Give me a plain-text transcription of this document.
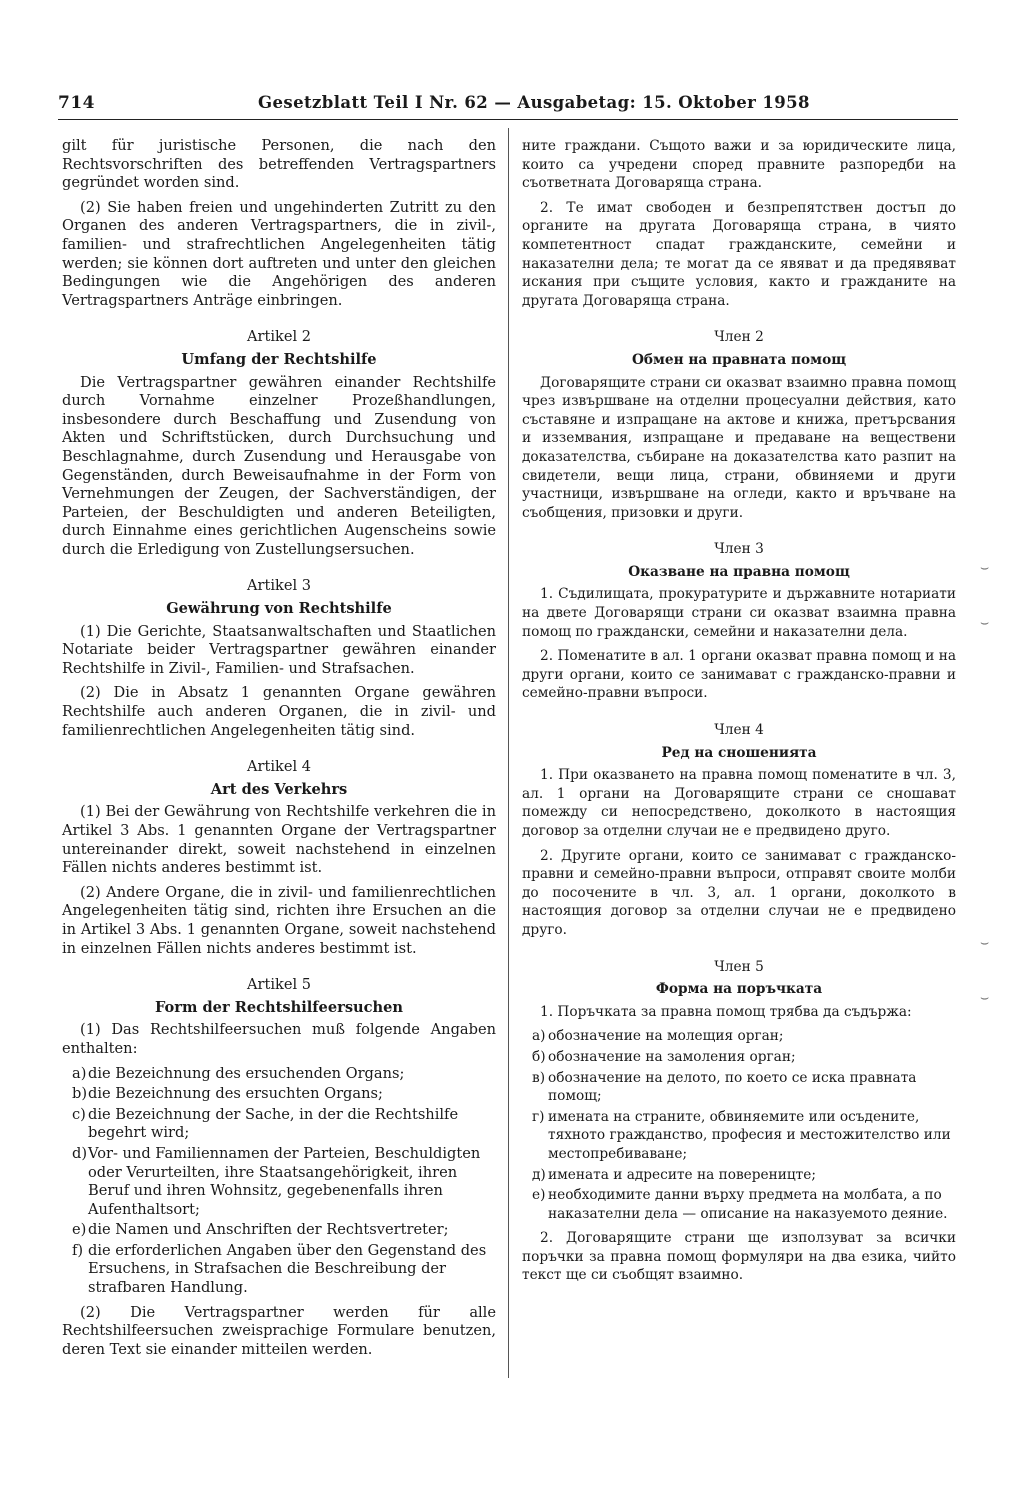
714	Gesetzblatt Teil I Nr. 62 — Ausgabetag: 15. Oktober 1958

gilt für juristische Personen, die nach den Rechtsvorschriften des betreffenden Vertragspartners gegründet worden sind.

(2) Sie haben freien und ungehinderten Zutritt zu den Organen des anderen Vertragspartners, die in zivil-, familien- und strafrechtlichen Angelegenheiten tätig werden; sie können dort auftreten und unter den gleichen Bedingungen wie die Angehörigen des anderen Vertragspartners Anträge einbringen.

Artikel 2
Umfang der Rechtshilfe

Die Vertragspartner gewähren einander Rechtshilfe durch Vornahme einzelner Prozeßhandlungen, insbesondere durch Beschaffung und Zusendung von Akten und Schriftstücken, durch Durchsuchung und Beschlagnahme, durch Zusendung und Herausgabe von Gegenständen, durch Beweisaufnahme in der Form von Vernehmungen der Zeugen, der Sachverständigen, der Parteien, der Beschuldigten und anderen Beteiligten, durch Einnahme eines gerichtlichen Augenscheins sowie durch die Erledigung von Zustellungsersuchen.

Artikel 3
Gewährung von Rechtshilfe

(1) Die Gerichte, Staatsanwaltschaften und Staatlichen Notariate beider Vertragspartner gewähren einander Rechtshilfe in Zivil-, Familien- und Strafsachen.

(2) Die in Absatz 1 genannten Organe gewähren Rechtshilfe auch anderen Organen, die in zivil- und familienrechtlichen Angelegenheiten tätig sind.

Artikel 4
Art des Verkehrs

(1) Bei der Gewährung von Rechtshilfe verkehren die in Artikel 3 Abs. 1 genannten Organe der Vertragspartner untereinander direkt, soweit nachstehend in einzelnen Fällen nichts anderes bestimmt ist.

(2) Andere Organe, die in zivil- und familienrechtlichen Angelegenheiten tätig sind, richten ihre Ersuchen an die in Artikel 3 Abs. 1 genannten Organe, soweit nachstehend in einzelnen Fällen nichts anderes bestimmt ist.

Artikel 5
Form der Rechtshilfeersuchen

(1) Das Rechtshilfeersuchen muß folgende Angaben enthalten:

a) die Bezeichnung des ersuchenden Organs;
b) die Bezeichnung des ersuchten Organs;
c) die Bezeichnung der Sache, in der die Rechtshilfe begehrt wird;
d) Vor- und Familiennamen der Parteien, Beschuldigten oder Verurteilten, ihre Staatsangehörigkeit, ihren Beruf und ihren Wohnsitz, gegebenenfalls ihren Aufenthaltsort;
e) die Namen und Anschriften der Rechtsvertreter;
f) die erforderlichen Angaben über den Gegenstand des Ersuchens, in Strafsachen die Beschreibung der strafbaren Handlung.

(2) Die Vertragspartner werden für alle Rechtshilfeersuchen zweisprachige Formulare benutzen, deren Text sie einander mitteilen werden.

ните граждани. Същото важи и за юридическите лица, които са учредени според правните разпоредби на съответната Договаряща страна.

2. Те имат свободен и безпрепятствен достъп до органите на другата Договаряща страна, в чиято компетентност спадат гражданските, семейни и наказателни дела; те могат да се явяват и да предявяват искания при същите условия, както и гражданите на другата Договаряща страна.

Член 2
Обмен на правната помощ

Договарящите страни си оказват взаимно правна помощ чрез извършване на отделни процесуални действия, като съставяне и изпращане на актове и книжа, претърсвания и изземвания, изпращане и предаване на веществени доказателства, събиране на доказателства като разпит на свидетели, вещи лица, страни, обвиняеми и други участници, извършване на огледи, както и връчване на съобщения, призовки и други.

Член 3
Оказване на правна помощ

1. Съдилищата, прокуратурите и държавните нотариати на двете Договарящи страни си оказват взаимна правна помощ по граждански, семейни и наказателни дела.

2. Поменатите в ал. 1 органи оказват правна помощ и на други органи, които се занимават с гражданско-правни и семейно-правни въпроси.

Член 4
Ред на сношенията

1. При оказването на правна помощ поменатите в чл. 3, ал. 1 органи на Договарящите страни се сношават помежду си непосредствено, доколкото в настоящия договор за отделни случаи не е предвидено друго.

2. Другите органи, които се занимават с гражданско-правни и семейно-правни въпроси, отправят своите молби до посочените в чл. 3, ал. 1 органи, доколкото в настоящия договор за отделни случаи не е предвидено друго.

Член 5
Форма на поръчката

1. Поръчката за правна помощ трябва да съдържа:

а) обозначение на молещия орган;
б) обозначение на замоления орган;
в) обозначение на делото, по което се иска правната помощ;
г) имената на страните, обвиняемите или осъдените, тяхното гражданство, професия и местожителство или местопребиваване;
д) имената и адресите на повереницте;
е) необходимите данни върху предмета на молбата, а по наказателни дела — описание на наказуемото деяние.

2. Договарящите страни ще използуват за всички поръчки за правна помощ формуляри на два езика, чийто текст ще си съобщят взаимно.

⌣
⌣
⌣
⌣
